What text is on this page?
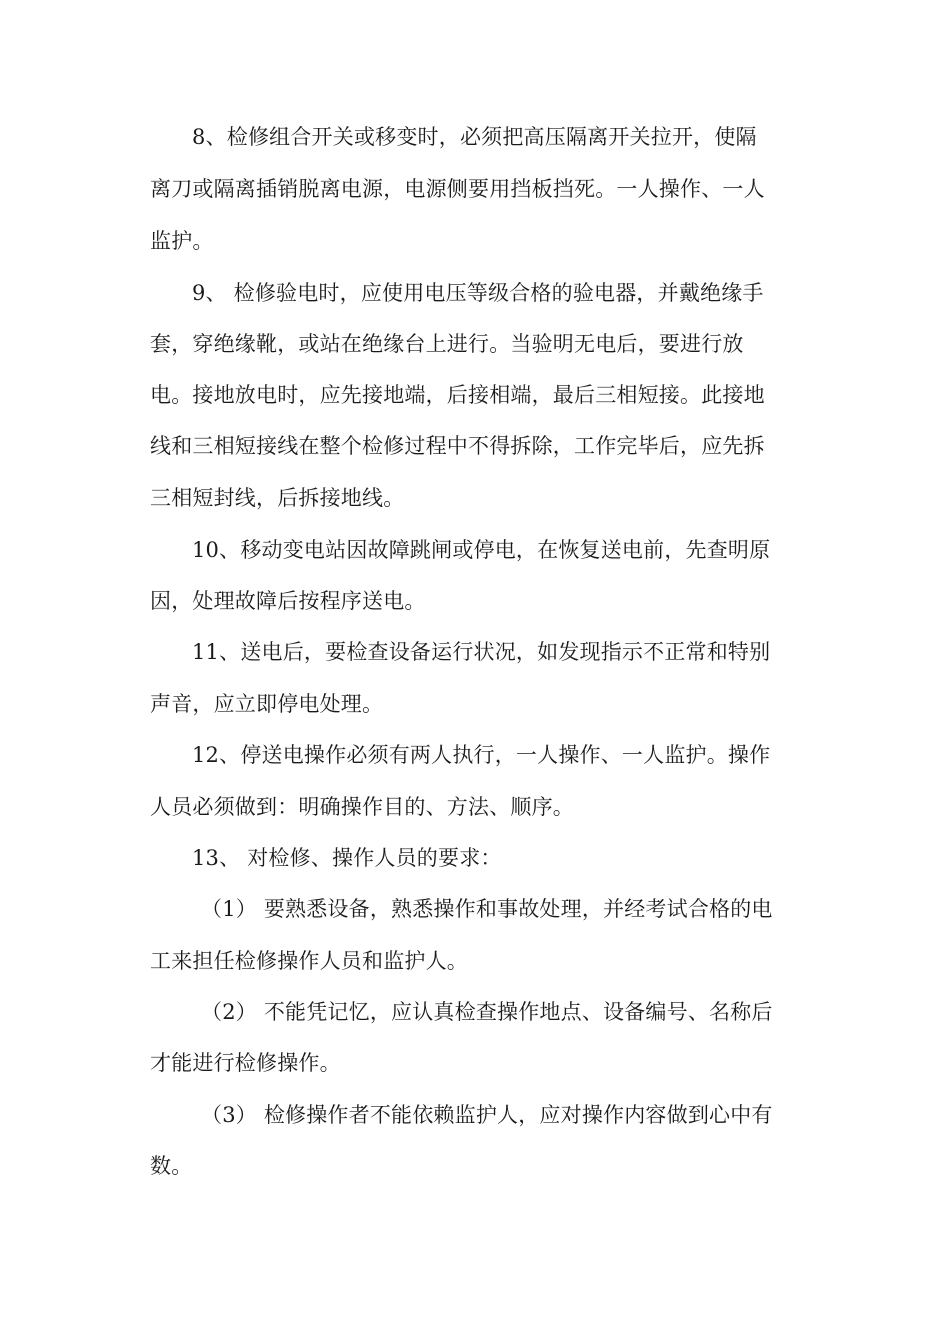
8、检修组合开关或移变时，必须把高压隔离开关拉开，使隔

离刀或隔离插销脱离电源，电源侧要用挡板挡死。一人操作、一人

监护。

9、 检修验电时，应使用电压等级合格的验电器，并戴绝缘手

套，穿绝缘靴，或站在绝缘台上进行。当验明无电后，要进行放

电。接地放电时，应先接地端，后接相端，最后三相短接。此接地

线和三相短接线在整个检修过程中不得拆除，工作完毕后，应先拆

三相短封线，后拆接地线。

10、移动变电站因故障跳闸或停电，在恢复送电前，先查明原

因，处理故障后按程序送电。

11、送电后，要检查设备运行状况，如发现指示不正常和特别

声音，应立即停电处理。

12、停送电操作必须有两人执行，一人操作、一人监护。操作

人员必须做到：明确操作目的、方法、顺序。

13、 对检修、操作人员的要求：

（1） 要熟悉设备，熟悉操作和事故处理，并经考试合格的电

工来担任检修操作人员和监护人。

（2） 不能凭记忆，应认真检查操作地点、设备编号、名称后

才能进行检修操作。

（3） 检修操作者不能依赖监护人，应对操作内容做到心中有

数。
